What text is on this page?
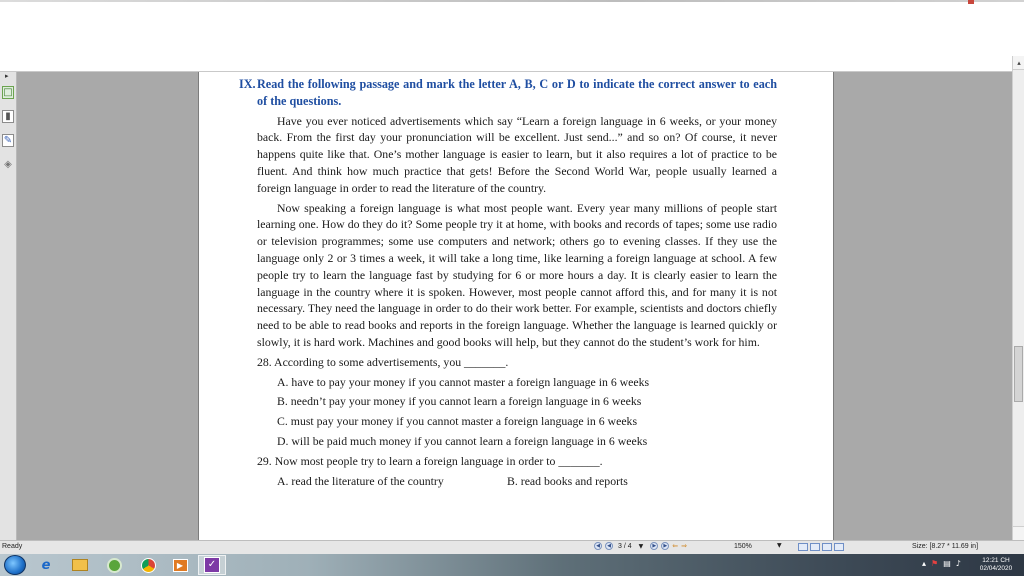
▸
□
▮
✎
◈
IX. Read the following passage and mark the letter A, B, C or D to indicate the correct answer to each of the questions.

Have you ever noticed advertisements which say “Learn a foreign language in 6 weeks, or your money back. From the first day your pronunciation will be excellent. Just send...” and so on? Of course, it never happens quite like that. One’s mother language is easier to learn, but it also requires a lot of practice to be fluent. And think how much practice that gets! Before the Second World War, people usually learned a foreign language in order to read the literature of the country.

Now speaking a foreign language is what most people want. Every year many millions of people start learning one. How do they do it? Some people try it at home, with books and records of tapes; some use radio or television programmes; some use computers and network; others go to evening classes. If they use the language only 2 or 3 times a week, it will take a long time, like learning a foreign language at school. A few people try to learn the language fast by studying for 6 or more hours a day. It is clearly easier to learn the language in the country where it is spoken. However, most people cannot afford this, and for many it is not necessary. They need the language in order to do their work better. For example, scientists and doctors chiefly need to be able to read books and reports in the foreign language. Whether the language is learned quickly or slowly, it is hard work. Machines and good books will help, but they cannot do the student’s work for him.

28. According to some advertisements, you _______.

A. have to pay your money if you cannot master a foreign language in 6 weeks

B. needn’t pay your money if you cannot learn a foreign language in 6 weeks

C. must pay your money if you cannot master a foreign language in 6 weeks

D. will be paid much money if you cannot learn a foreign language in 6 weeks

29. Now most people try to learn a foreign language in order to _______.

A. read the literature of the country	B. read books and reports
▴
Ready	◀	◀ 3 / 4 ▼	▶	▶ ⇐ ⇒	150%	▼	Size: [8.27 * 11.69 in]
e	▶	✓	▴ ⚑ ▤ ♪	12:21 CH
02/04/2020
